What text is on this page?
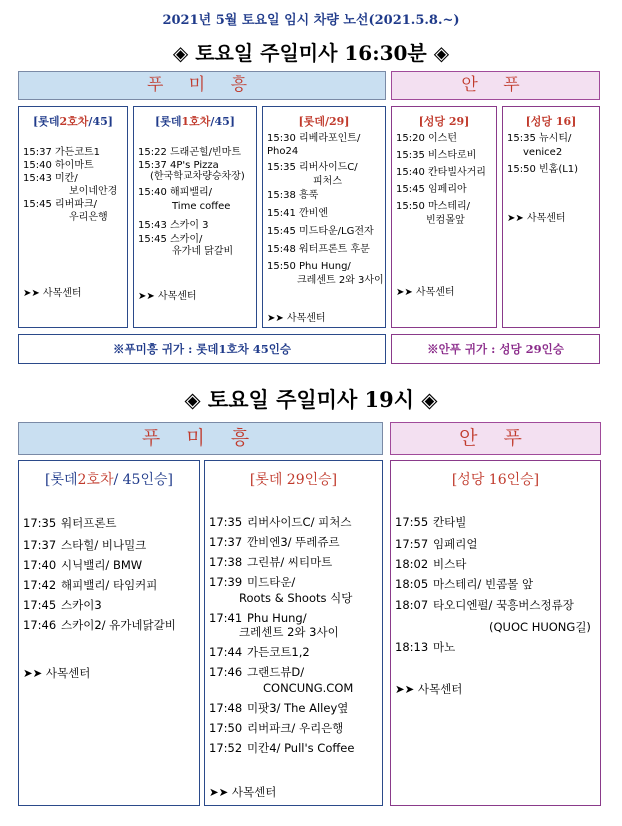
2021년 5월 토요일 임시 차량 노선(2021.5.8.~)
◈ 토요일 주일미사 16:30분 ◈
푸 미 흥	안 푸
[롯데2호차/45]
15:37 가든코트1
15:40 하이마트
15:43 미칸/
보이네안경
15:45 리버파크/
우리은행
➤➤ 사목센터
[롯데1호차/45]
15:22 드래곤힐/빈마트
15:37 4P's Pizza
(한국학교차량승차장)
15:40 해피밸리/
Time coffee
15:43 스카이 3
15:45 스카이/
유가네 닭갈비
➤➤ 사목센터
[롯데/29]
15:30 리베라포인트/
Pho24
15:35 리버사이드C/
피처스
15:38 흥푹
15:41 깐비엔
15:45 미드타운/LG전자
15:48 워터프론트 후문
15:50 Phu Hung/
크레센트 2와 3사이
➤➤ 사목센터
[성당 29]
15:20 이스턴
15:35 비스타로비
15:40 칸타빌사거리
15:45 임페리아
15:50 마스테리/
빈컴몰앞
➤➤ 사목센터
[성당 16]
15:35 뉴시티/
venice2
15:50 빈홈(L1)
➤➤ 사목센터
※푸미흥 귀가 : 롯데1호차 45인승	※안푸 귀가 : 성당 29인승
◈ 토요일 주일미사 19시 ◈
푸 미 흥	안 푸
[롯데2호차/ 45인승]
17:35 워터프론트
17:37 스타힐/ 비나밀크
17:40 시닉밸리/ BMW
17:42 해피밸리/ 타임커피
17:45 스카이3
17:46 스카이2/ 유가네닭갈비
➤➤ 사목센터
[롯데 29인승]
17:35 리버사이드C/ 피처스
17:37 깐비엔3/ 뚜레쥬르
17:38 그린뷰/ 씨티마트
17:39 미드타운/
Roots & Shoots 식당
17:41 Phu Hung/
크레센트 2와 3사이
17:44 가든코트1,2
17:46 그랜드뷰D/
CONCUNG.COM
17:48 미팟3/ The Alley옆
17:50 리버파크/ 우리은행
17:52 미칸4/ Pull's Coffee
➤➤ 사목센터
[성당 16인승]
17:55 칸타빌
17:57 임페리얼
18:02 비스타
18:05 마스테리/ 빈콤몰 앞
18:07 타오디엔펄/ 꾹흥버스정류장
(QUOC HUONG길)
18:13 마노
➤➤ 사목센터
